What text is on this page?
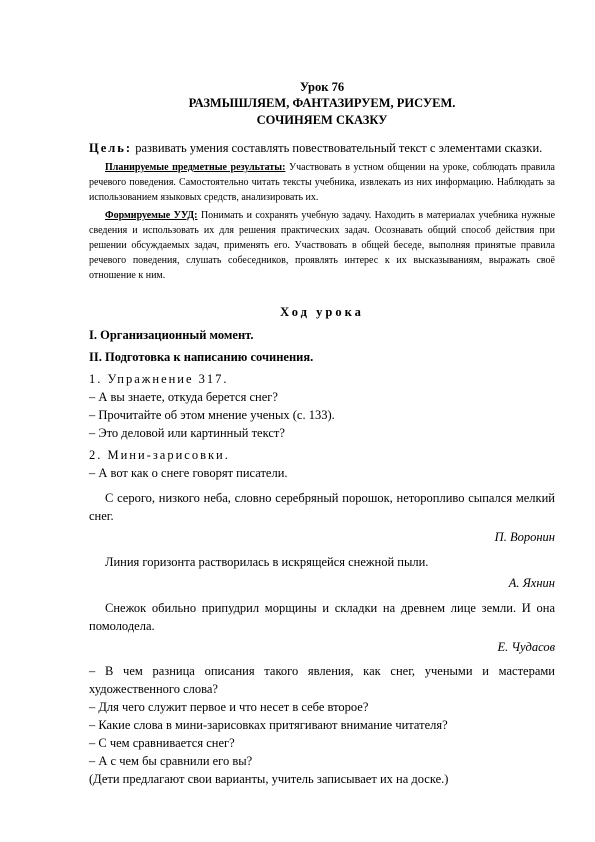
Урок 76
РАЗМЫШЛЯЕМ, ФАНТАЗИРУЕМ, РИСУЕМ.
СОЧИНЯЕМ СКАЗКУ
Цель: развивать умения составлять повествовательный текст с элементами сказки.
Планируемые предметные результаты: Участвовать в устном общении на уроке, соблюдать правила речевого поведения. Самостоятельно читать тексты учебника, извлекать из них информацию. Наблюдать за использованием языковых средств, анализировать их.
Формируемые УУД: Понимать и сохранять учебную задачу. Находить в материалах учебника нужные сведения и использовать их для решения практических задач. Осознавать общий способ действия при решении обсуждаемых задач, применять его. Участвовать в общей беседе, выполняя принятые правила речевого поведения, слушать собеседников, проявлять интерес к их высказываниям, выражать своё отношение к ним.
Ход урока
I. Организационный момент.
II. Подготовка к написанию сочинения.
1. Упражнение 317.
– А вы знаете, откуда берется снег?
– Прочитайте об этом мнение ученых (с. 133).
– Это деловой или картинный текст?
2. Мини-зарисовки.
– А вот как о снеге говорят писатели.
С серого, низкого неба, словно серебряный порошок, неторопливо сыпался мелкий снег.
П. Воронин
Линия горизонта растворилась в искрящейся снежной пыли.
А. Яхнин
Снежок обильно припудрил морщины и складки на древнем лице земли. И она помолодела.
Е. Чудасов
– В чем разница описания такого явления, как снег, учеными и мастерами художественного слова?
– Для чего служит первое и что несет в себе второе?
– Какие слова в мини-зарисовках притягивают внимание читателя?
– С чем сравнивается снег?
– А с чем бы сравнили его вы?
(Дети предлагают свои варианты, учитель записывает их на доске.)
